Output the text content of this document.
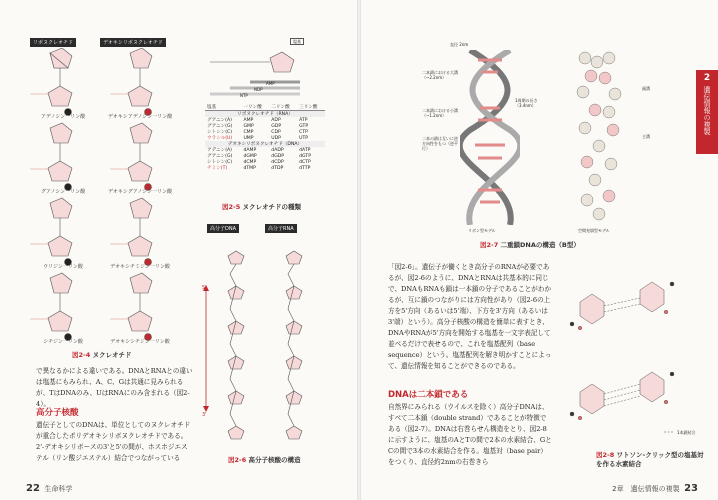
リボヌクレオチド	デオキシリボヌクレオチド
アデノシン一リン酸	デオキシアデノシン一リン酸
グアノシン一リン酸	デオキシグアノシン一リン酸
ウリジン一リン酸	デオキシチミジン一リン酸
シチジン一リン酸	デオキシシチジン一リン酸
図2-4 ヌクレオチド
塩基
AMP
NDP
NTP
塩基	一リン酸	二リン酸	三リン酸
リボヌクレオチド（RNA）			
グアニン(A)	AMP	ADP	ATP
グアニン(G)	GMP	GDP	GTP
シトシン(C)	CMP	CDP	CTP
ウラシル(U)	UMP	UDP	UTP
デオキシリボヌクレオチド（DNA）			
アデニン(A)	dAMP	dADP	dATP
グアニン(G)	dGMP	dGDP	dGTP
シトシン(C)	dCMP	dCDP	dCTP
チミン(T)	dTMP	dTDP	dTTP
図2-5 ヌクレオチドの種類
高分子DNA	高分子RNA
5'
3'
図2-6 高分子核酸の構造
で異なるかによる違いである。DNAとRNAとの違いは塩基にもみられ、A、C、Gは共通に見みられるが、TはDNAのみ、UはRNAにのみ含まれる（図2-4）。
高分子核酸
遺伝子としてのDNAは、単位としてのヌクレオチドが重合したポリデオキシリボヌクレオチドである。2'-デオキシリボースの3'と5'の間が、ホスホジエステル（リン酸ジエステル）結合でつながっている
22 生命科学
直径 2nm
二本鎖における大溝（~2.2nm）
二本鎖における小溝（~1.2nm）
二本の鎖は互いに逆方向性をもつ（逆平行）
1周期の長さ（3.4nm）
副溝
主溝
リボン型モデル	空間充填型モデル
図2-7 二重鎖DNAの構造（B型）
「図2-6」。遺伝子が働くとき高分子のRNAが必要であるが、図2-6のように、DNAとRNAは共基本的に同じで、DNAもRNAも鎖は一本鎖の分子であることがわかるが、互に鎖のつながりには方向性があり（図2-6の上方を5'方向（あるいは5'端）、下方を3'方向（あるいは3'端）という）。高分子核酸の構造を簡単に表すとき、DNAやRNAが5'方向を開始する塩基を一文字表記して並べるだけで表せるので、これを塩基配列（base sequence）という。塩基配列を解き明かすことによって、遺伝情報を知ることができるのである。
DNAは二本鎖である
自然界にみられる（ウイルスを除く）高分子DNAは、すべて二本鎖（double strand）であることが特徴である（図2-7）。DNAは右巻らせん構造をとり、図2-8に示すように、塩基のAとTの間で2本の水素結合、GとCの間で3本の水素結合を作る。塩基対（base pair）をつくり、直径約2nmの右巻きら
1本鎖結合
図2-8 ワトソン-クリック型の塩基対を作る水素結合
2
遺伝情報の複製
2章　遺伝情報の複製 23
